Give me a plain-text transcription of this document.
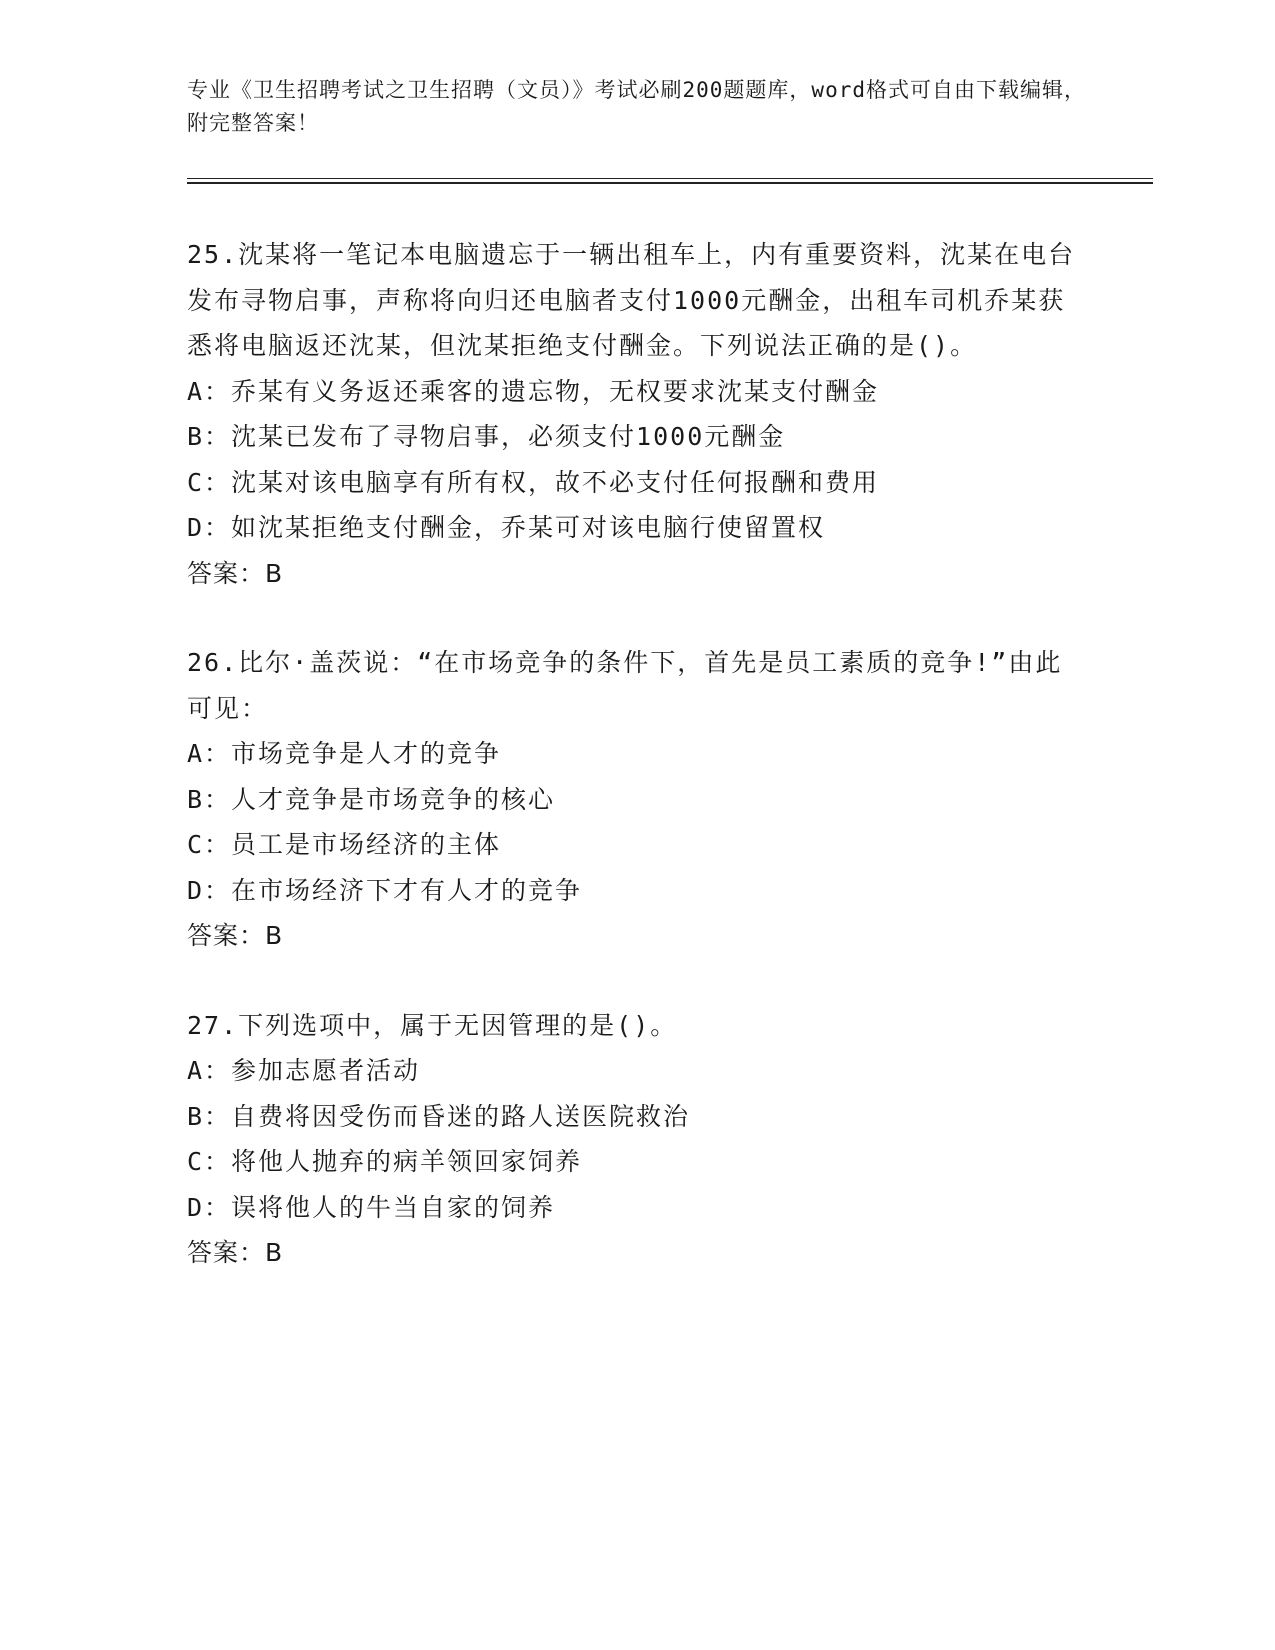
专业《卫生招聘考试之卫生招聘（文员）》考试必刷200题题库，word格式可自由下载编辑，附完整答案！

25.沈某将一笔记本电脑遗忘于一辆出租车上，内有重要资料，沈某在电台发布寻物启事，声称将向归还电脑者支付1000元酬金，出租车司机乔某获悉将电脑返还沈某，但沈某拒绝支付酬金。下列说法正确的是()。

A：乔某有义务返还乘客的遗忘物，无权要求沈某支付酬金

B：沈某已发布了寻物启事，必须支付1000元酬金

C：沈某对该电脑享有所有权，故不必支付任何报酬和费用

D：如沈某拒绝支付酬金，乔某可对该电脑行使留置权

答案：B

26.比尔·盖茨说：“在市场竞争的条件下，首先是员工素质的竞争!”由此可见：

A：市场竞争是人才的竞争

B：人才竞争是市场竞争的核心

C：员工是市场经济的主体

D：在市场经济下才有人才的竞争

答案：B

27.下列选项中，属于无因管理的是()。

A：参加志愿者活动

B：自费将因受伤而昏迷的路人送医院救治

C：将他人抛弃的病羊领回家饲养

D：误将他人的牛当自家的饲养

答案：B
